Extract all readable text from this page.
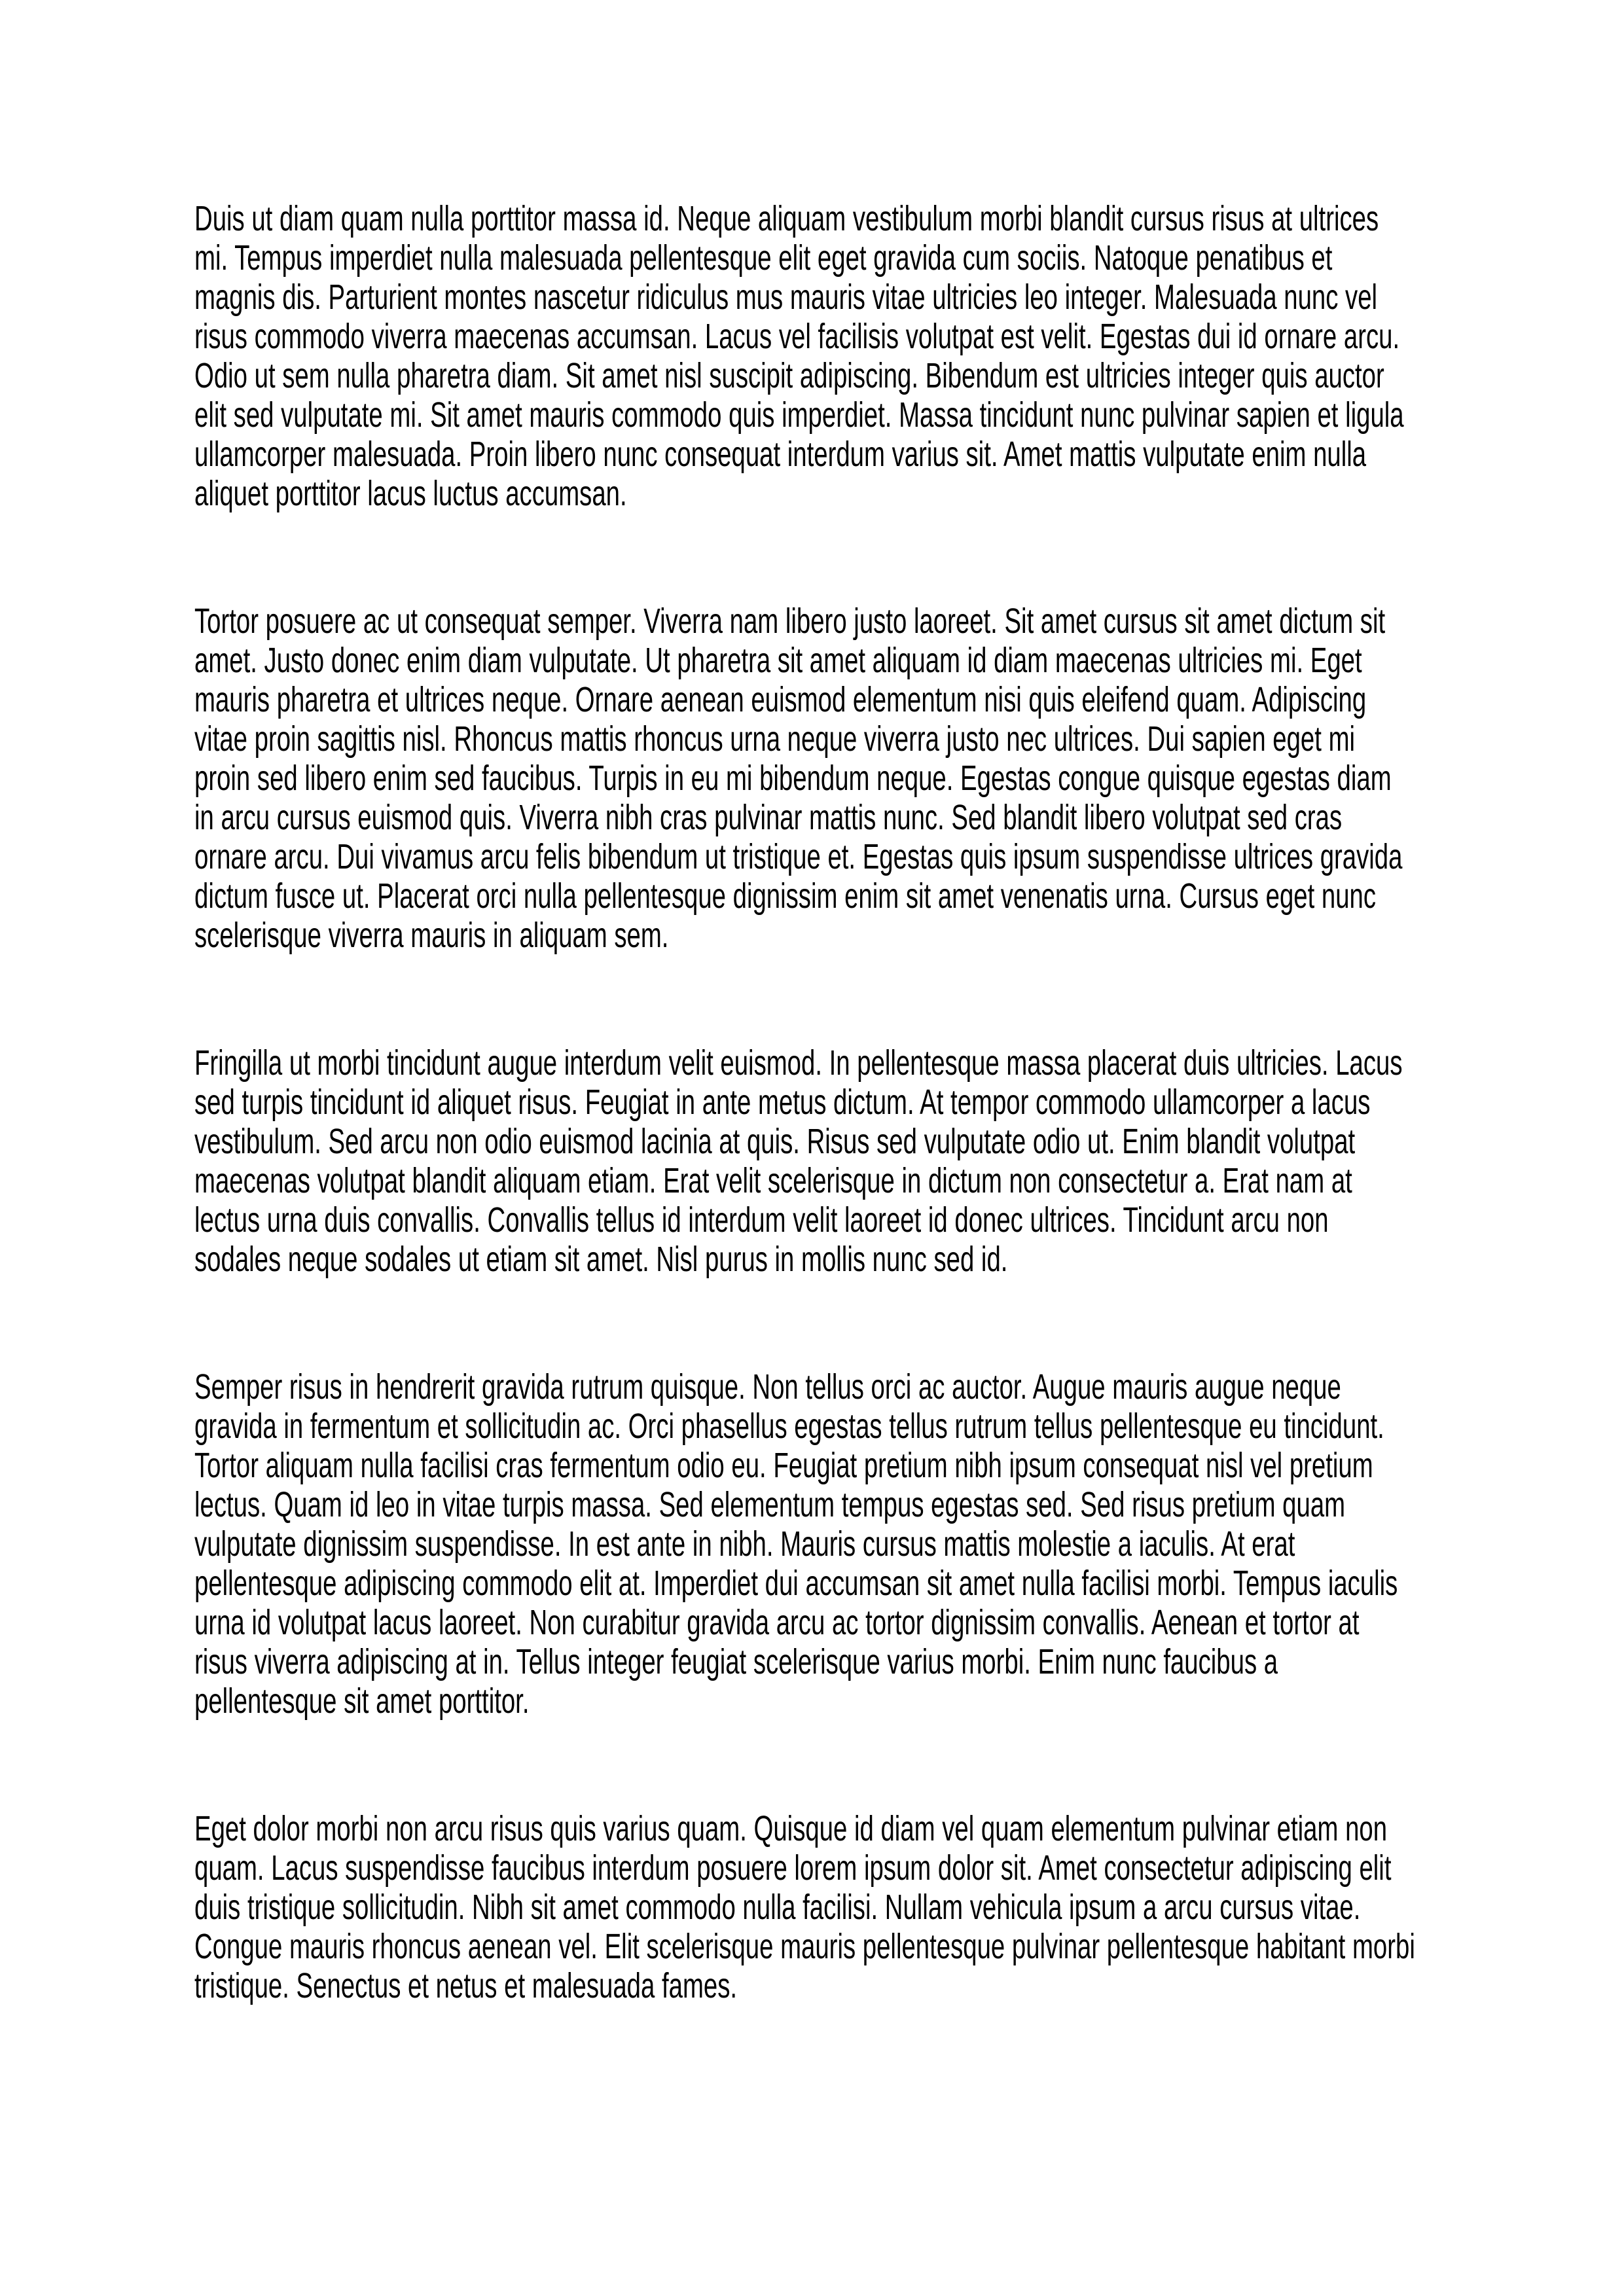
Duis ut diam quam nulla porttitor massa id. Neque aliquam vestibulum morbi blandit cursus risus at ultrices mi. Tempus imperdiet nulla malesuada pellentesque elit eget gravida cum sociis. Natoque penatibus et magnis dis. Parturient montes nascetur ridiculus mus mauris vitae ultricies leo integer. Malesuada nunc vel risus commodo viverra maecenas accumsan. Lacus vel facilisis volutpat est velit. Egestas dui id ornare arcu. Odio ut sem nulla pharetra diam. Sit amet nisl suscipit adipiscing. Bibendum est ultricies integer quis auctor elit sed vulputate mi. Sit amet mauris commodo quis imperdiet. Massa tincidunt nunc pulvinar sapien et ligula ullamcorper malesuada. Proin libero nunc consequat interdum varius sit. Amet mattis vulputate enim nulla aliquet porttitor lacus luctus accumsan.

Tortor posuere ac ut consequat semper. Viverra nam libero justo laoreet. Sit amet cursus sit amet dictum sit amet. Justo donec enim diam vulputate. Ut pharetra sit amet aliquam id diam maecenas ultricies mi. Eget mauris pharetra et ultrices neque. Ornare aenean euismod elementum nisi quis eleifend quam. Adipiscing vitae proin sagittis nisl. Rhoncus mattis rhoncus urna neque viverra justo nec ultrices. Dui sapien eget mi proin sed libero enim sed faucibus. Turpis in eu mi bibendum neque. Egestas congue quisque egestas diam in arcu cursus euismod quis. Viverra nibh cras pulvinar mattis nunc. Sed blandit libero volutpat sed cras ornare arcu. Dui vivamus arcu felis bibendum ut tristique et. Egestas quis ipsum suspendisse ultrices gravida dictum fusce ut. Placerat orci nulla pellentesque dignissim enim sit amet venenatis urna. Cursus eget nunc scelerisque viverra mauris in aliquam sem.

Fringilla ut morbi tincidunt augue interdum velit euismod. In pellentesque massa placerat duis ultricies. Lacus sed turpis tincidunt id aliquet risus. Feugiat in ante metus dictum. At tempor commodo ullamcorper a lacus vestibulum. Sed arcu non odio euismod lacinia at quis. Risus sed vulputate odio ut. Enim blandit volutpat maecenas volutpat blandit aliquam etiam. Erat velit scelerisque in dictum non consectetur a. Erat nam at lectus urna duis convallis. Convallis tellus id interdum velit laoreet id donec ultrices. Tincidunt arcu non sodales neque sodales ut etiam sit amet. Nisl purus in mollis nunc sed id.

Semper risus in hendrerit gravida rutrum quisque. Non tellus orci ac auctor. Augue mauris augue neque gravida in fermentum et sollicitudin ac. Orci phasellus egestas tellus rutrum tellus pellentesque eu tincidunt. Tortor aliquam nulla facilisi cras fermentum odio eu. Feugiat pretium nibh ipsum consequat nisl vel pretium lectus. Quam id leo in vitae turpis massa. Sed elementum tempus egestas sed. Sed risus pretium quam vulputate dignissim suspendisse. In est ante in nibh. Mauris cursus mattis molestie a iaculis. At erat pellentesque adipiscing commodo elit at. Imperdiet dui accumsan sit amet nulla facilisi morbi. Tempus iaculis urna id volutpat lacus laoreet. Non curabitur gravida arcu ac tortor dignissim convallis. Aenean et tortor at risus viverra adipiscing at in. Tellus integer feugiat scelerisque varius morbi. Enim nunc faucibus a pellentesque sit amet porttitor.

Eget dolor morbi non arcu risus quis varius quam. Quisque id diam vel quam elementum pulvinar etiam non quam. Lacus suspendisse faucibus interdum posuere lorem ipsum dolor sit. Amet consectetur adipiscing elit duis tristique sollicitudin. Nibh sit amet commodo nulla facilisi. Nullam vehicula ipsum a arcu cursus vitae. Congue mauris rhoncus aenean vel. Elit scelerisque mauris pellentesque pulvinar pellentesque habitant morbi tristique. Senectus et netus et malesuada fames.
